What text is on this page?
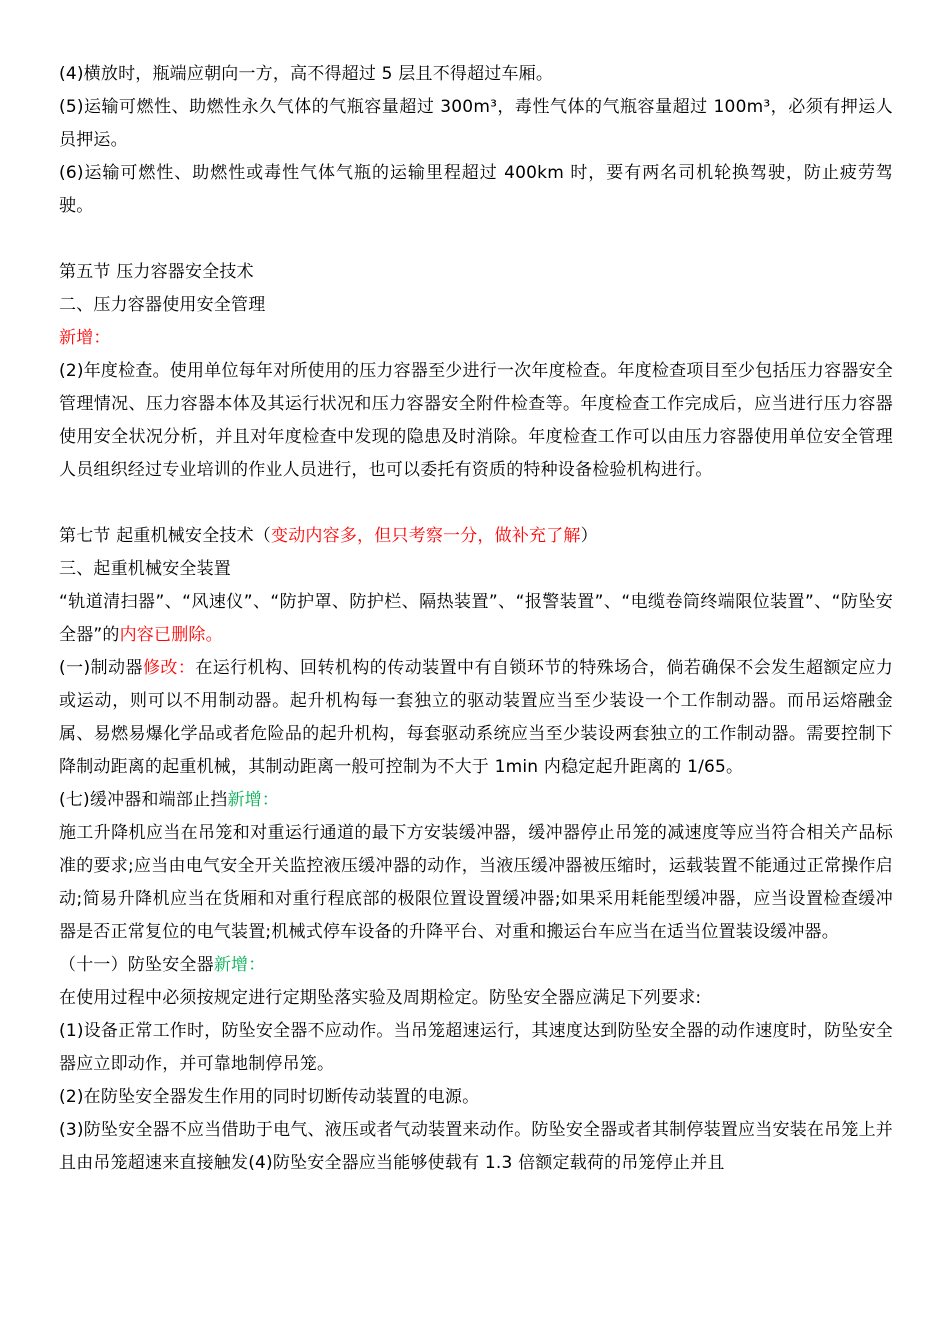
(4)横放时，瓶端应朝向一方，高不得超过 5 层且不得超过车厢。

(5)运输可燃性、助燃性永久气体的气瓶容量超过 300m³，毒性气体的气瓶容量超过 100m³，必须有押运人员押运。

(6)运输可燃性、助燃性或毒性气体气瓶的运输里程超过 400km 时，要有两名司机轮换驾驶，防止疲劳驾驶。

第五节 压力容器安全技术

二、压力容器使用安全管理

新增：

(2)年度检查。使用单位每年对所使用的压力容器至少进行一次年度检查。年度检查项目至少包括压力容器安全管理情况、压力容器本体及其运行状况和压力容器安全附件检查等。年度检查工作完成后，应当进行压力容器使用安全状况分析，并且对年度检查中发现的隐患及时消除。年度检查工作可以由压力容器使用单位安全管理人员组织经过专业培训的作业人员进行，也可以委托有资质的特种设备检验机构进行。

第七节 起重机械安全技术（变动内容多，但只考察一分，做补充了解）

三、起重机械安全装置

“轨道清扫器”、“风速仪”、“防护罩、防护栏、隔热装置”、“报警装置”、“电缆卷筒终端限位装置”、“防坠安全器”的内容已删除。

(一)制动器修改：在运行机构、回转机构的传动装置中有自锁环节的特殊场合，倘若确保不会发生超额定应力或运动，则可以不用制动器。起升机构每一套独立的驱动装置应当至少装设一个工作制动器。而吊运熔融金属、易燃易爆化学品或者危险品的起升机构，每套驱动系统应当至少装设两套独立的工作制动器。需要控制下降制动距离的起重机械，其制动距离一般可控制为不大于 1min 内稳定起升距离的 1/65。

(七)缓冲器和端部止挡新增：

施工升降机应当在吊笼和对重运行通道的最下方安装缓冲器，缓冲器停止吊笼的减速度等应当符合相关产品标准的要求;应当由电气安全开关监控液压缓冲器的动作，当液压缓冲器被压缩时，运载装置不能通过正常操作启动;简易升降机应当在货厢和对重行程底部的极限位置设置缓冲器;如果采用耗能型缓冲器，应当设置检查缓冲器是否正常复位的电气装置;机械式停车设备的升降平台、对重和搬运台车应当在适当位置装设缓冲器。

（十一）防坠安全器新增：

在使用过程中必须按规定进行定期坠落实验及周期检定。防坠安全器应满足下列要求:

(1)设备正常工作时，防坠安全器不应动作。当吊笼超速运行，其速度达到防坠安全器的动作速度时，防坠安全器应立即动作，并可靠地制停吊笼。

(2)在防坠安全器发生作用的同时切断传动装置的电源。

(3)防坠安全器不应当借助于电气、液压或者气动装置来动作。防坠安全器或者其制停装置应当安装在吊笼上并且由吊笼超速来直接触发(4)防坠安全器应当能够使载有 1.3 倍额定载荷的吊笼停止并且
